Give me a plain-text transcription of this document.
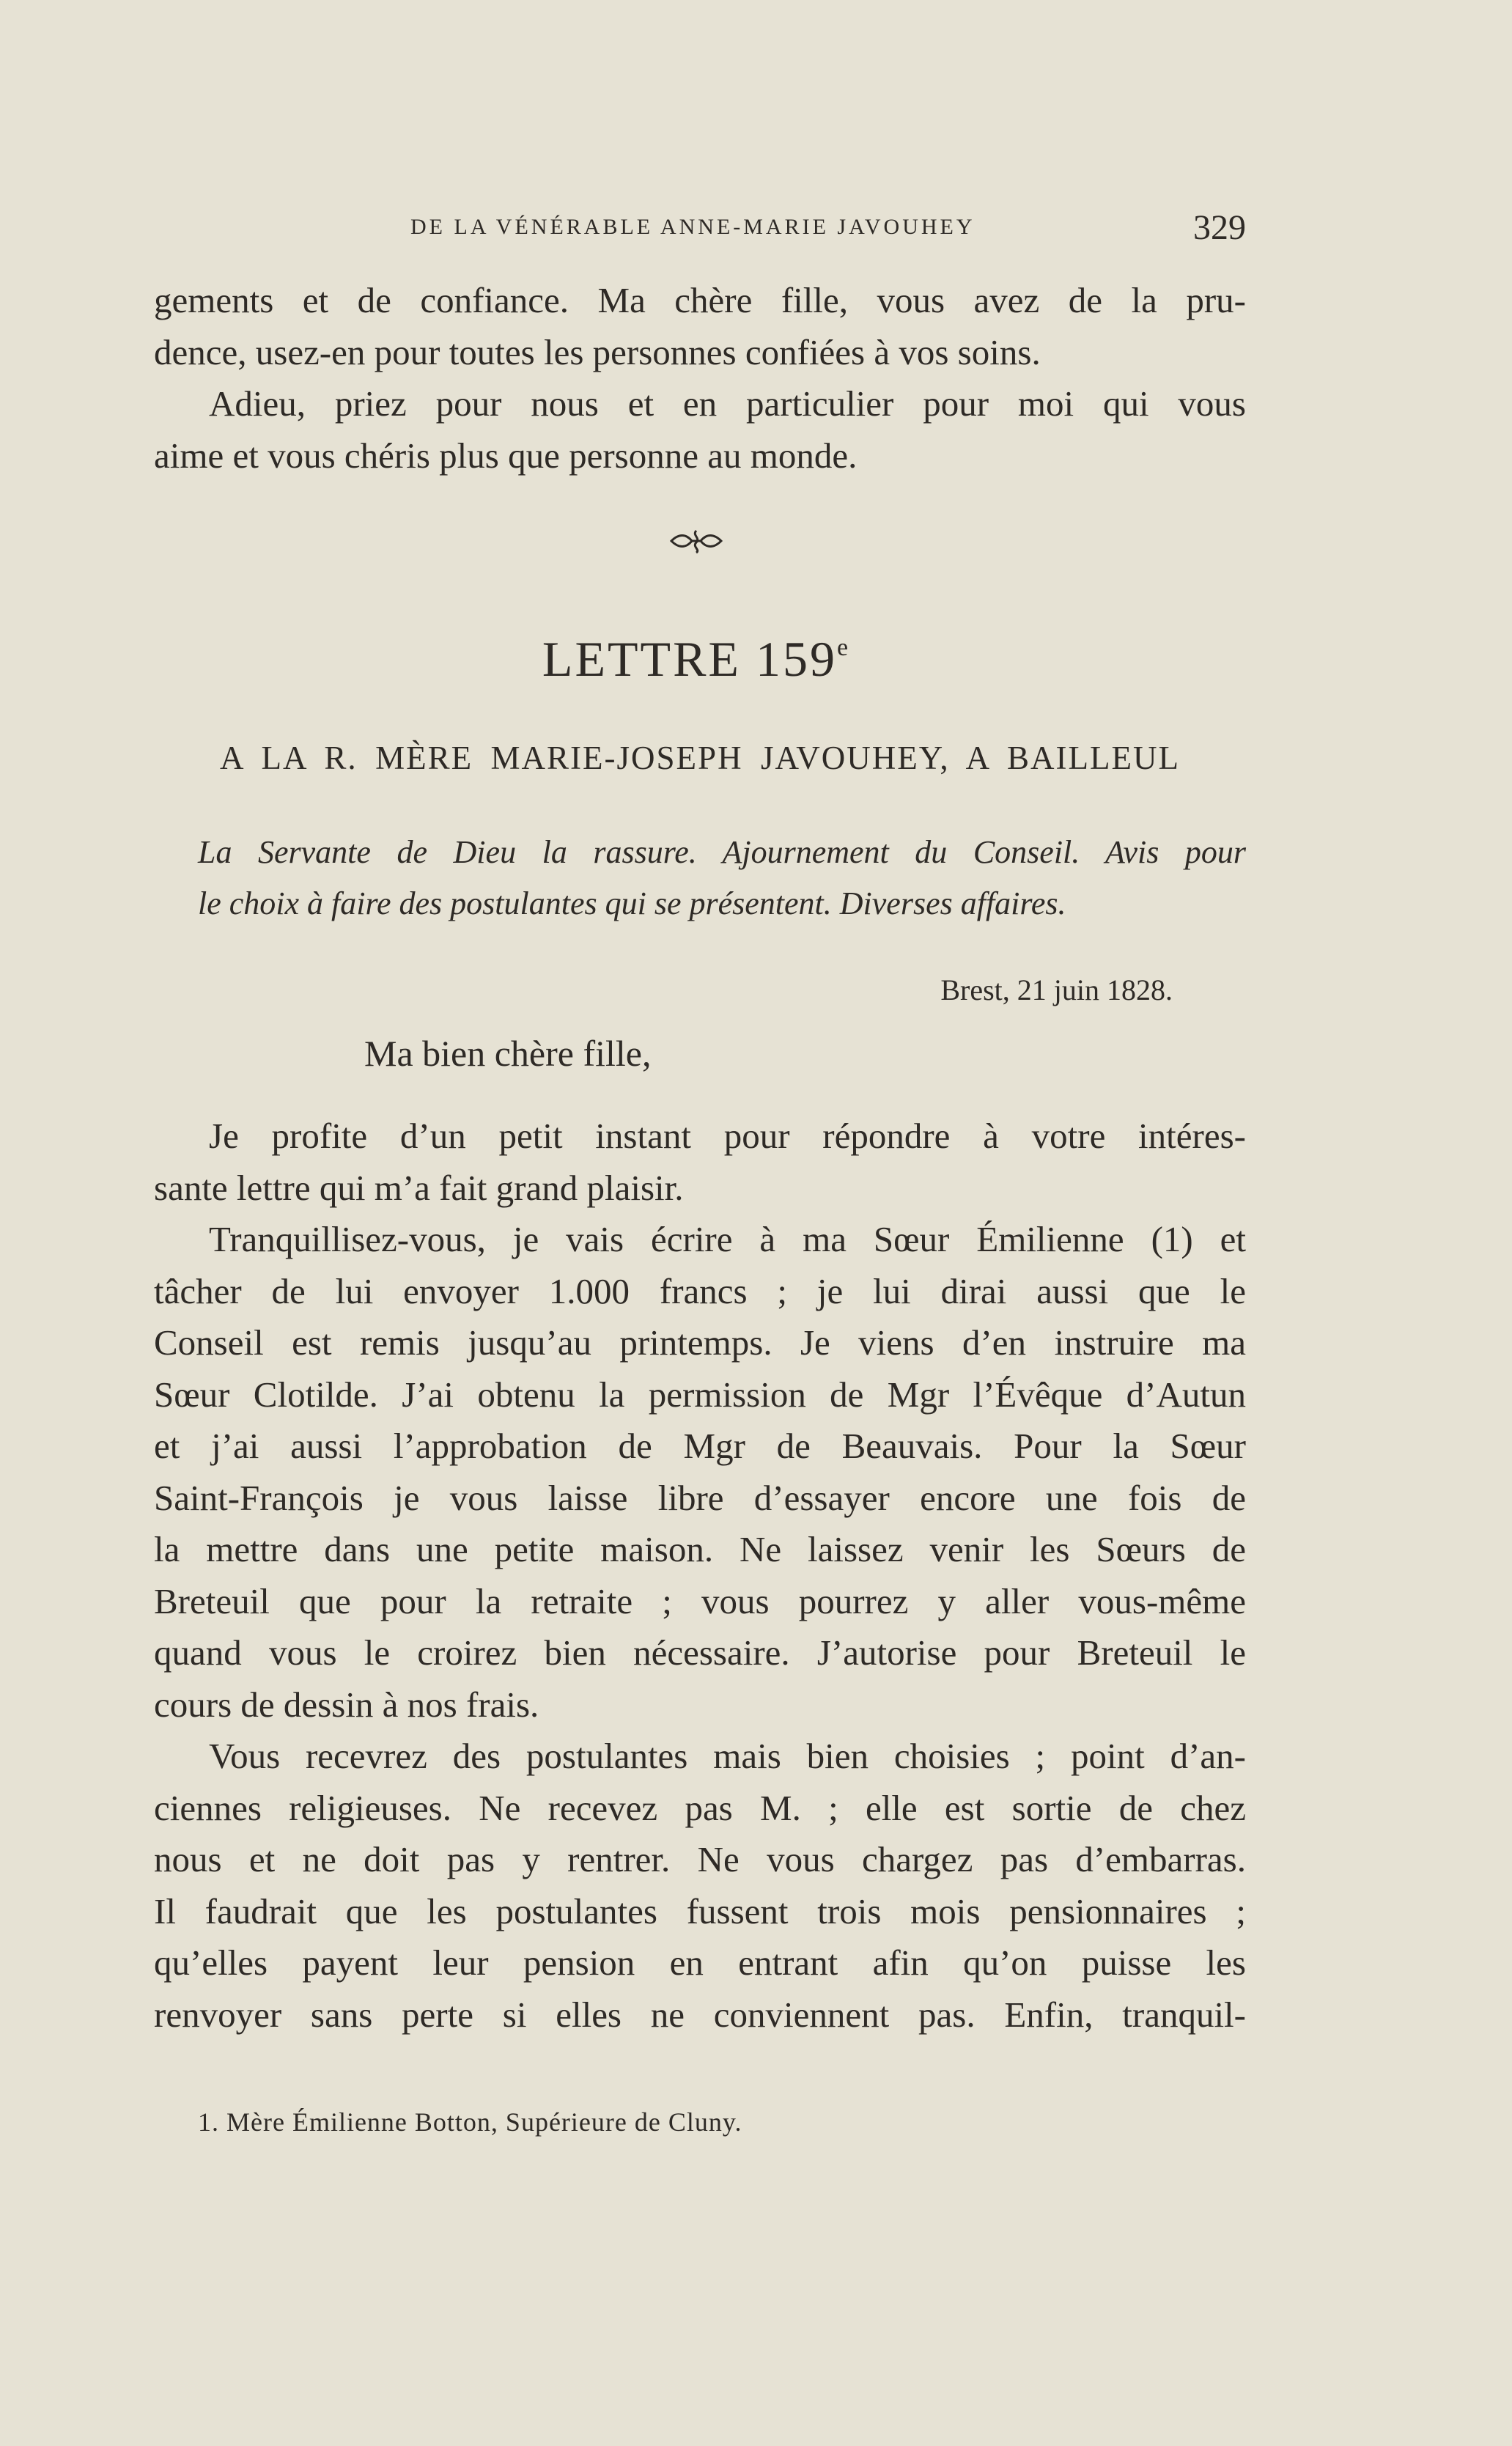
DE LA VÉNÉRABLE ANNE-MARIE JAVOUHEY	329

gements et de confiance. Ma chère fille, vous avez de la pru-
dence, usez-en pour toutes les personnes confiées à vos soins.

Adieu, priez pour nous et en particulier pour moi qui vous
aime et vous chéris plus que personne au monde.

LETTRE 159e
A LA R. MÈRE MARIE-JOSEPH JAVOUHEY, A BAILLEUL
La Servante de Dieu la rassure. Ajournement du Conseil. Avis pour
le choix à faire des postulantes qui se présentent. Diverses affaires.
Brest, 21 juin 1828.
Ma bien chère fille,

Je profite d’un petit instant pour répondre à votre intéres-
sante lettre qui m’a fait grand plaisir.

Tranquillisez-vous, je vais écrire à ma Sœur Émilienne (1) et
tâcher de lui envoyer 1.000 francs ; je lui dirai aussi que le
Conseil est remis jusqu’au printemps. Je viens d’en instruire ma
Sœur Clotilde. J’ai obtenu la permission de Mgr l’Évêque d’Autun
et j’ai aussi l’approbation de Mgr de Beauvais. Pour la Sœur
Saint-François je vous laisse libre d’essayer encore une fois de
la mettre dans une petite maison. Ne laissez venir les Sœurs de
Breteuil que pour la retraite ; vous pourrez y aller vous-même
quand vous le croirez bien nécessaire. J’autorise pour Breteuil le
cours de dessin à nos frais.

Vous recevrez des postulantes mais bien choisies ; point d’an-
ciennes religieuses. Ne recevez pas M. ; elle est sortie de chez
nous et ne doit pas y rentrer. Ne vous chargez pas d’embarras.
Il faudrait que les postulantes fussent trois mois pensionnaires ;
qu’elles payent leur pension en entrant afin qu’on puisse les
renvoyer sans perte si elles ne conviennent pas. Enfin, tranquil-

1. Mère Émilienne Botton, Supérieure de Cluny.
